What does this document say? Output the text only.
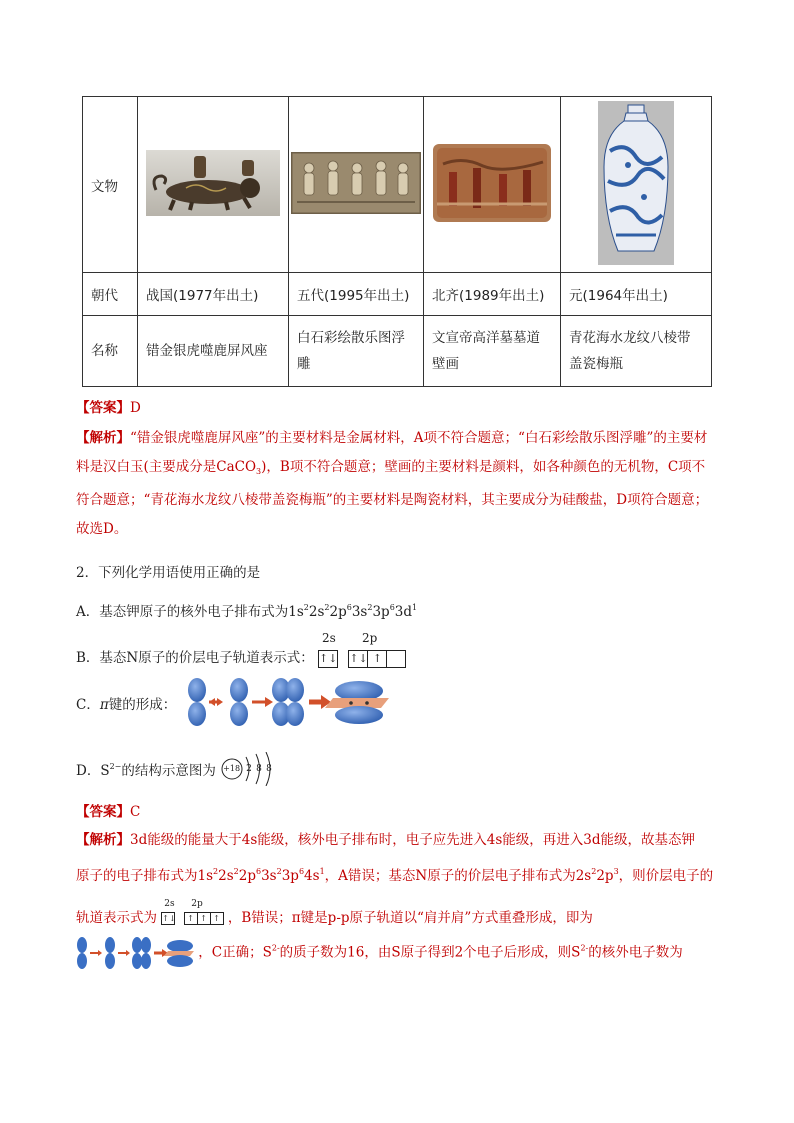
文物				
朝代	战国(1977年出土)	五代(1995年出土)	北齐(1989年出土)	元(1964年出土)
名称	错金银虎噬鹿屏风座	白石彩绘散乐图浮雕	文宣帝高洋墓墓道壁画	青花海水龙纹八棱带盖瓷梅瓶
【答案】D
【解析】“错金银虎噬鹿屏风座”的主要材料是金属材料，A项不符合题意；“白石彩绘散乐图浮雕”的主要材
料是汉白玉(主要成分是CaCO$_3$)，B项不符合题意；壁画的主要材料是颜料，如各种颜色的无机物，C项不
符合题意；“青花海水龙纹八棱带盖瓷梅瓶”的主要材料是陶瓷材料，其主要成分为硅酸盐，D项符合题意；
故选D。
2．下列化学用语使用正确的是
A．基态钾原子的核外电子排布式为$1s^22s^22p^63s^23p^63d^1$
B．基态N原子的价层电子轨道表示式：
2s 2p
↑↓ ↑↓ ↑
C．π键的形成：
D．$S^{2-}$的结构示意图为 +18 2 8 8
【答案】C
【解析】3d能级的能量大于4s能级，核外电子排布时，电子应先进入4s能级，再进入3d能级，故基态钾
原子的电子排布式为$1s^22s^22p^63s^23p^64s^1$，A错误；基态N原子的价层电子排布式为$2s^22p^3$，则价层电子的
轨道表示式为
2s 2p
↑↓ ↑ ↑ ↑ ，B错误；π键是p-p原子轨道以“肩并肩”方式重叠形成，即为
，C正确；$S^{2-}$的质子数为16，由S原子得到2个电子后形成，则$S^{2-}$的核外电子数为
